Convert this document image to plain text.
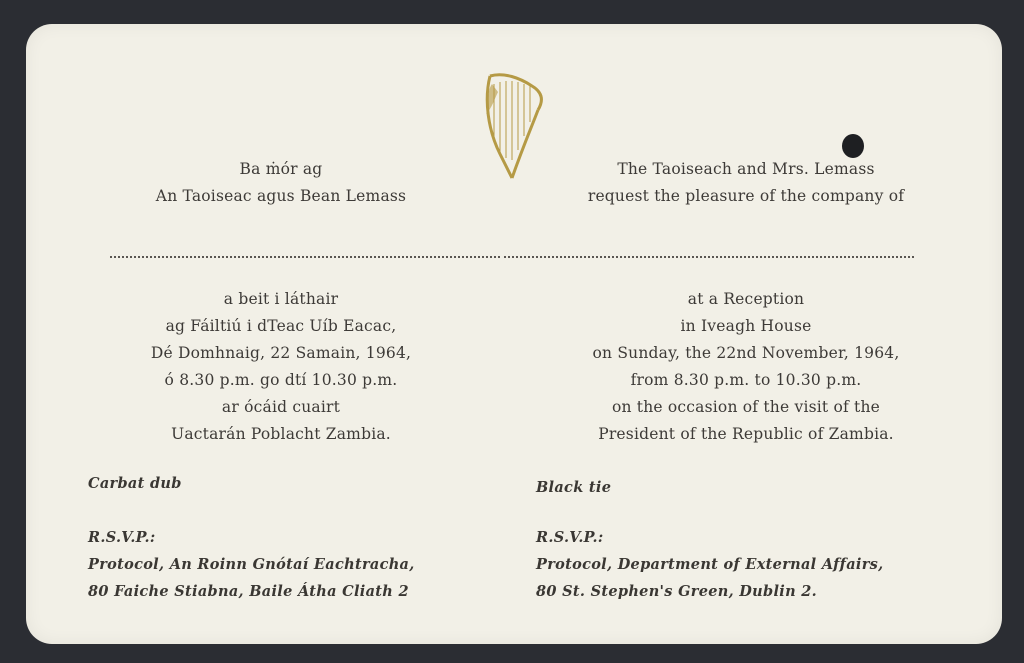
Ba ṁór ag
An Taoiseac agus Bean Lemass
The Taoiseach and Mrs. Lemass
request the pleasure of the company of
a beit i láthair
ag Fáiltiú i dTeac Uíb Eacac,
Dé Domhnaig, 22 Samain, 1964,
ó 8.30 p.m. go dtí 10.30 p.m.
ar ócáid cuairt
Uactarán Poblacht Zambia.
at a Reception
in Iveagh House
on Sunday, the 22nd November, 1964,
from 8.30 p.m. to 10.30 p.m.
on the occasion of the visit of the
President of the Republic of Zambia.
Carbat dub	Black tie
R.S.V.P.:
Protocol, An Roinn Gnótaí Eachtracha,
80 Faiche Stiabna, Baile Átha Cliath 2
R.S.V.P.:
Protocol, Department of External Affairs,
80 St. Stephen's Green, Dublin 2.
